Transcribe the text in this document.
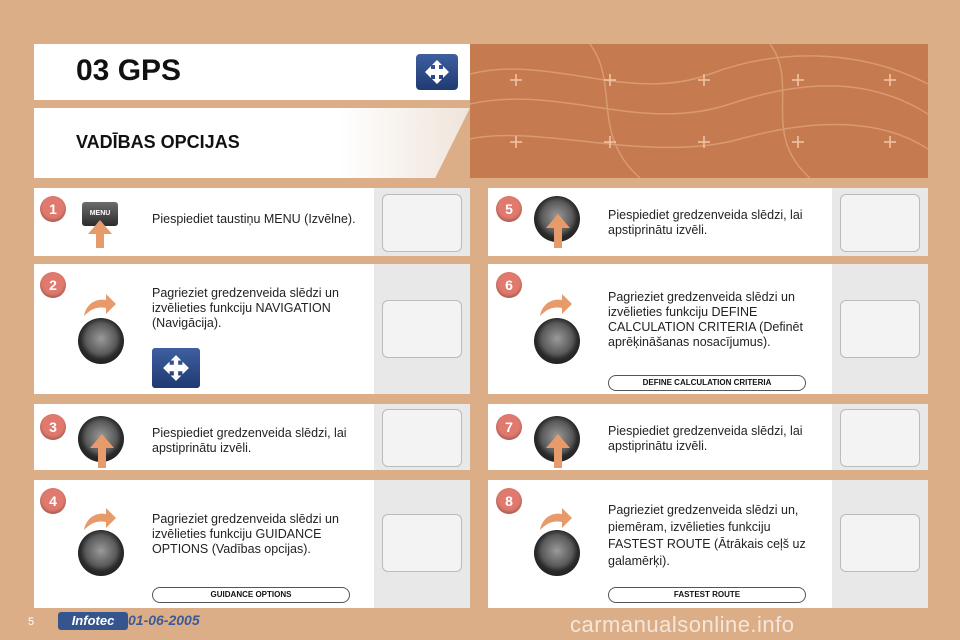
03 GPS
VADĪBAS OPCIJAS
1	MENU	Piespiediet taustiņu MENU (Izvēlne).
2	Pagrieziet gredzenveida slēdzi un izvēlieties funkciju NAVIGATION (Navigācija).
3	Piespiediet gredzenveida slēdzi, lai apstiprinātu izvēli.
4
Pagrieziet gredzenveida slēdzi un izvēlieties funkciju GUIDANCE OPTIONS (Vadības opcijas).
GUIDANCE OPTIONS
5	Piespiediet gredzenveida slēdzi, lai apstiprinātu izvēli.
6
Pagrieziet gredzenveida slēdzi un izvēlieties funkciju DEFINE CALCULATION CRITERIA (Definēt aprēķināšanas nosacījumus).
DEFINE CALCULATION CRITERIA
7	Piespiediet gredzenveida slēdzi, lai apstiprinātu izvēli.
8
Pagrieziet gredzenveida slēdzi un, piemēram, izvēlieties funkciju FASTEST ROUTE (Ātrākais ceļš uz galamērķi).
FASTEST ROUTE
5	Infotec 01-06-2005	carmanualsonline.info
